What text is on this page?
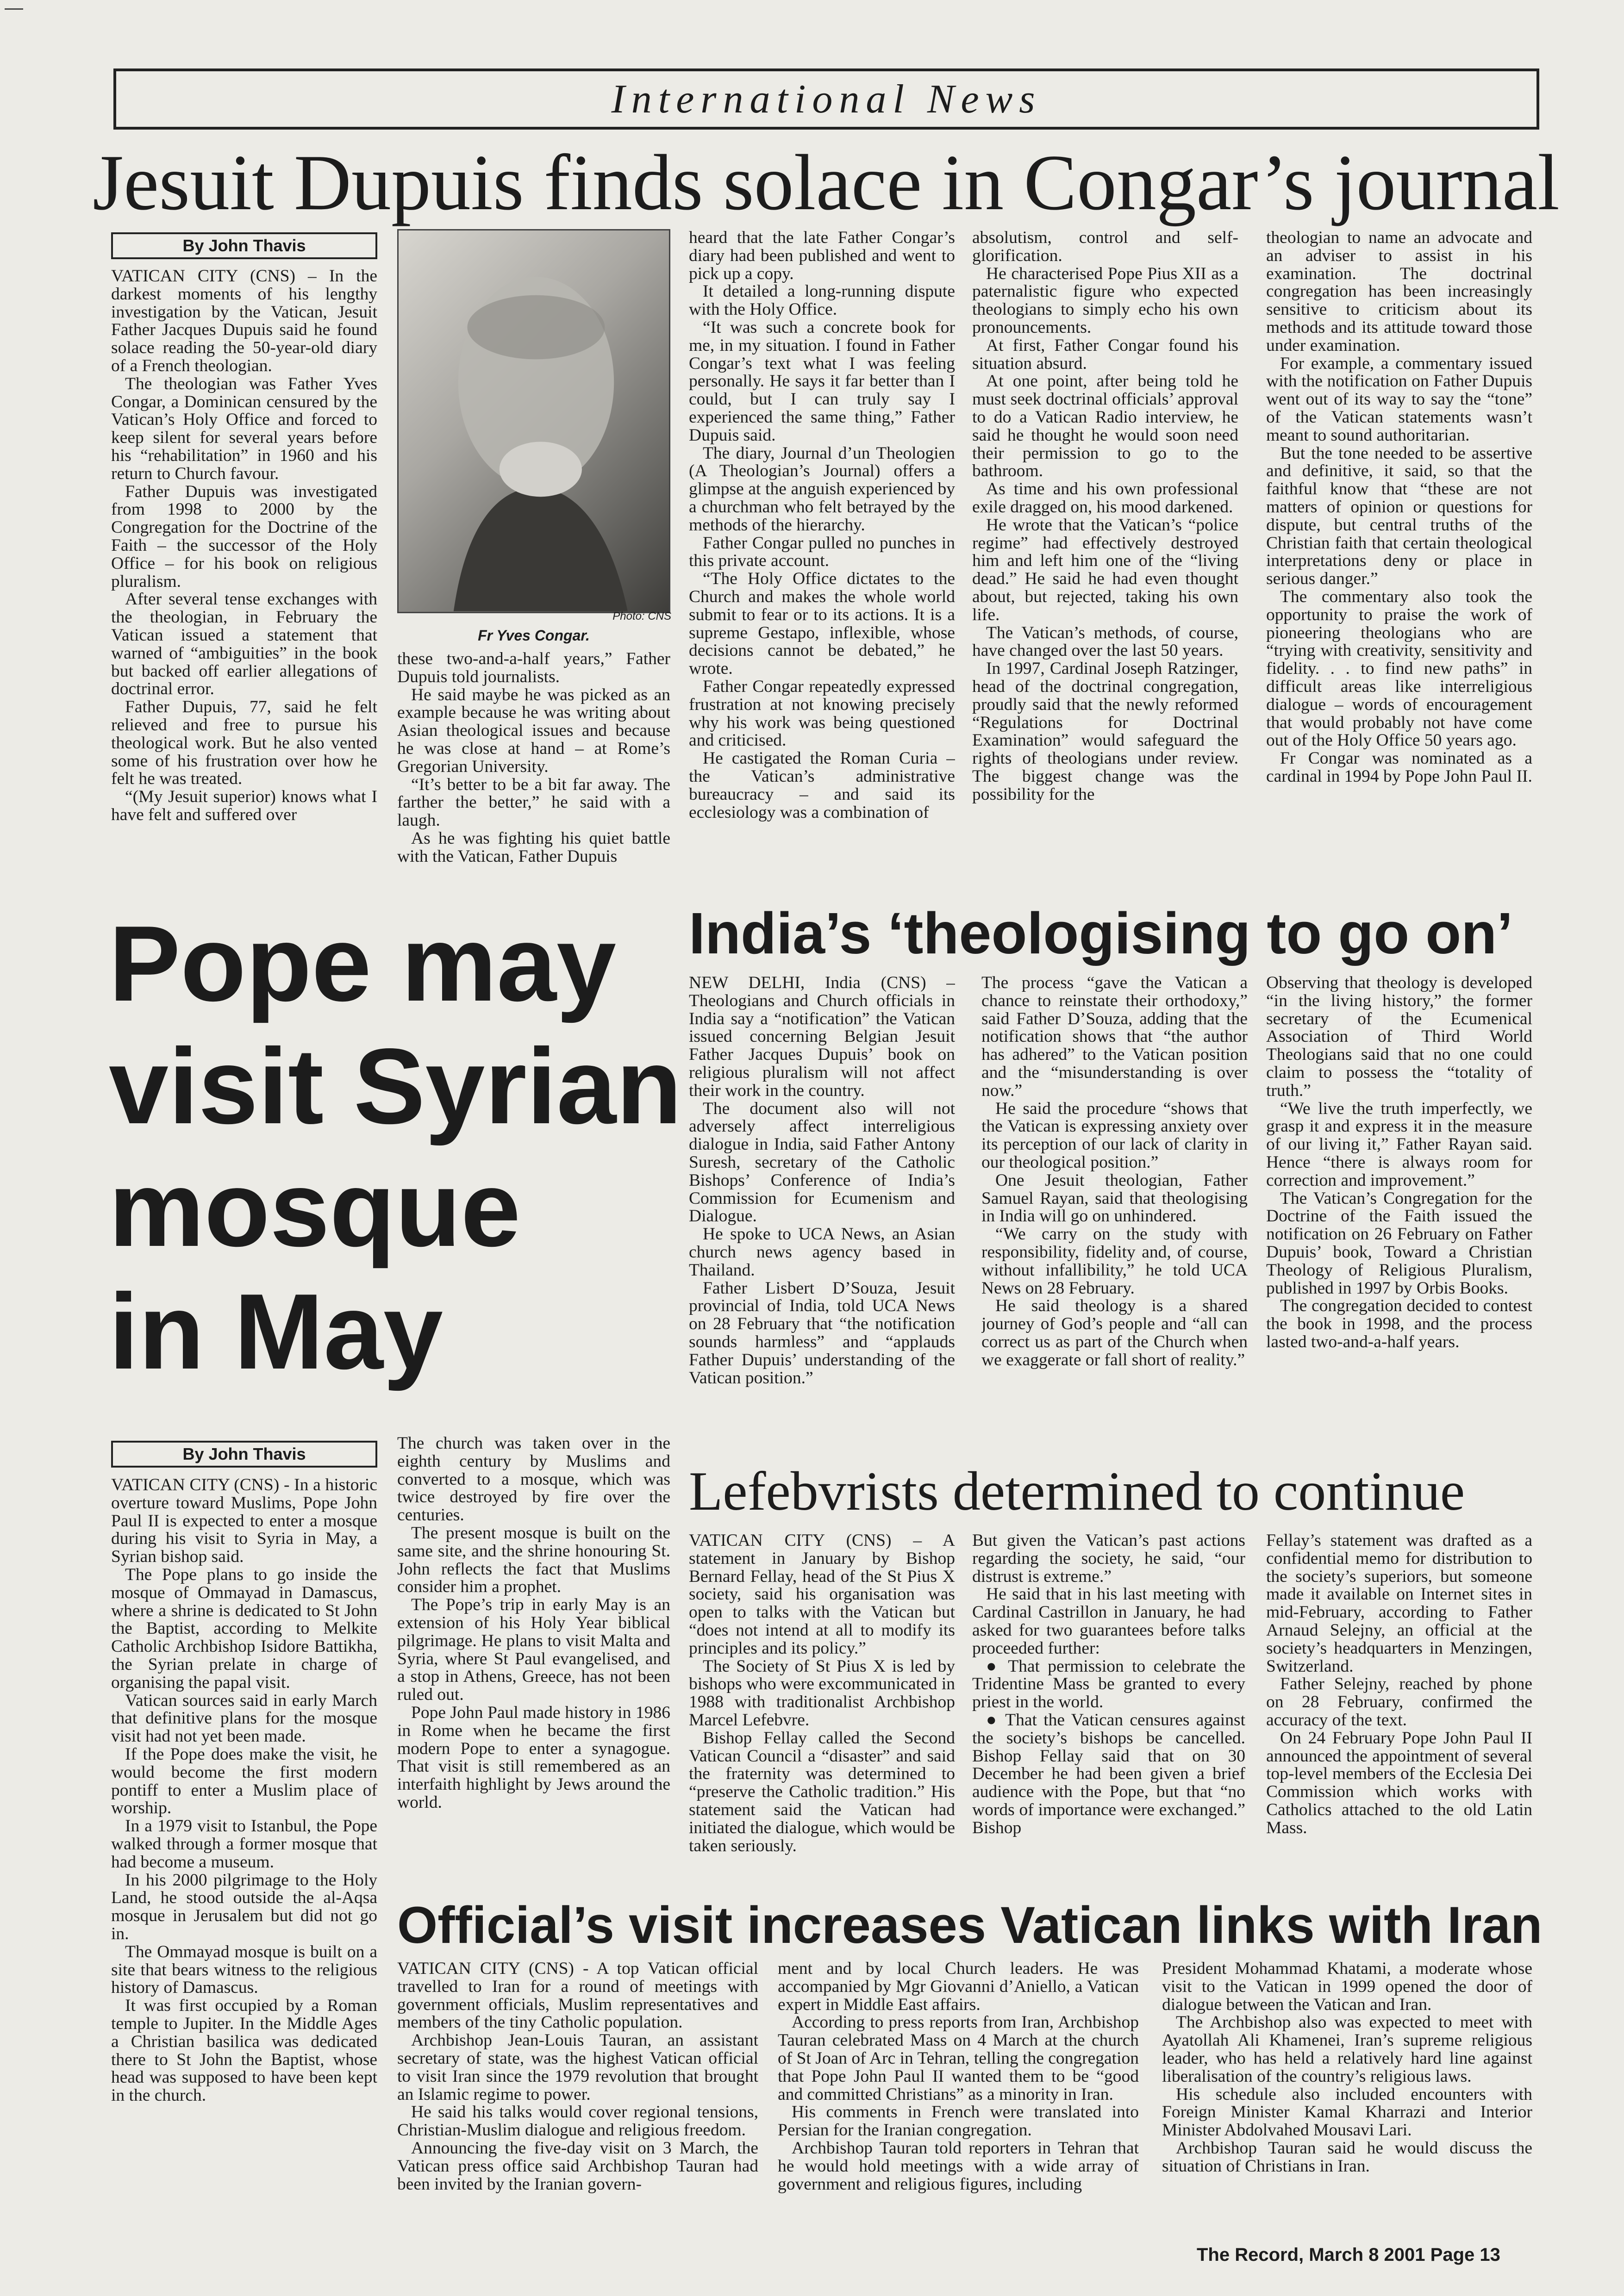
International News
Jesuit Dupuis finds solace in Congar’s journal
By John Thavis

VATICAN CITY (CNS) – In the darkest moments of his lengthy investigation by the Vatican, Jesuit Father Jacques Dupuis said he found solace reading the 50-year-old diary of a French theologian.

The theologian was Father Yves Congar, a Dominican censured by the Vatican’s Holy Office and forced to keep silent for several years before his “rehabilitation” in 1960 and his return to Church favour.

Father Dupuis was investigated from 1998 to 2000 by the Congregation for the Doctrine of the Faith – the successor of the Holy Office – for his book on religious pluralism.

After several tense exchanges with the theologian, in February the Vatican issued a statement that warned of “ambiguities” in the book but backed off earlier allegations of doctrinal error.

Father Dupuis, 77, said he felt relieved and free to pursue his theological work. But he also vented some of his frustration over how he felt he was treated.

“(My Jesuit superior) knows what I have felt and suffered over

Photo: CNS
Fr Yves Congar.

these two-and-a-half years,” Father Dupuis told journalists.

He said maybe he was picked as an example because he was writing about Asian theological issues and because he was close at hand – at Rome’s Gregorian University.

“It’s better to be a bit far away. The farther the better,” he said with a laugh.

As he was fighting his quiet battle with the Vatican, Father Dupuis

heard that the late Father Congar’s diary had been published and went to pick up a copy.

It detailed a long-running dispute with the Holy Office.

“It was such a concrete book for me, in my situation. I found in Father Congar’s text what I was feeling personally. He says it far better than I could, but I can truly say I experienced the same thing,” Father Dupuis said.

The diary, Journal d’un Theologien (A Theologian’s Journal) offers a glimpse at the anguish experienced by a churchman who felt betrayed by the methods of the hierarchy.

Father Congar pulled no punches in this private account.

“The Holy Office dictates to the Church and makes the whole world submit to fear or to its actions. It is a supreme Gestapo, inflexible, whose decisions cannot be debated,” he wrote.

Father Congar repeatedly expressed frustration at not knowing precisely why his work was being questioned and criticised.

He castigated the Roman Curia – the Vatican’s administrative bureaucracy – and said its ecclesiology was a combination of

absolutism, control and self-glorification.

He characterised Pope Pius XII as a paternalistic figure who expected theologians to simply echo his own pronouncements.

At first, Father Congar found his situation absurd.

At one point, after being told he must seek doctrinal officials’ approval to do a Vatican Radio interview, he said he thought he would soon need their permission to go to the bathroom.

As time and his own professional exile dragged on, his mood darkened.

He wrote that the Vatican’s “police regime” had effectively destroyed him and left him one of the “living dead.” He said he had even thought about, but rejected, taking his own life.

The Vatican’s methods, of course, have changed over the last 50 years.

In 1997, Cardinal Joseph Ratzinger, head of the doctrinal congregation, proudly said that the newly reformed “Regulations for Doctrinal Examination” would safeguard the rights of theologians under review. The biggest change was the possibility for the

theologian to name an advocate and an adviser to assist in his examination. The doctrinal congregation has been increasingly sensitive to criticism about its methods and its attitude toward those under examination.

For example, a commentary issued with the notification on Father Dupuis went out of its way to say the “tone” of the Vatican statements wasn’t meant to sound authoritarian.

But the tone needed to be assertive and definitive, it said, so that the faithful know that “these are not matters of opinion or questions for dispute, but central truths of the Christian faith that certain theological interpretations deny or place in serious danger.”

The commentary also took the opportunity to praise the work of pioneering theologians who are “trying with creativity, sensitivity and fidelity. . . to find new paths” in difficult areas like interreligious dialogue – words of encouragement that would probably not have come out of the Holy Office 50 years ago.

Fr Congar was nominated as a cardinal in 1994 by Pope John Paul II.

Pope may
visit Syrian
mosque
in May
India’s ‘theologising to go on’

NEW DELHI, India (CNS) – Theologians and Church officials in India say a “notification” the Vatican issued concerning Belgian Jesuit Father Jacques Dupuis’ book on religious pluralism will not affect their work in the country.

The document also will not adversely affect interreligious dialogue in India, said Father Antony Suresh, secretary of the Catholic Bishops’ Conference of India’s Commission for Ecumenism and Dialogue.

He spoke to UCA News, an Asian church news agency based in Thailand.

Father Lisbert D’Souza, Jesuit provincial of India, told UCA News on 28 February that “the notification sounds harmless” and “applauds Father Dupuis’ understanding of the Vatican position.”

The process “gave the Vatican a chance to reinstate their orthodoxy,” said Father D’Souza, adding that the notification shows that “the author has adhered” to the Vatican position and the “misunderstanding is over now.”

He said the procedure “shows that the Vatican is expressing anxiety over its perception of our lack of clarity in our theological position.”

One Jesuit theologian, Father Samuel Rayan, said that theologising in India will go on unhindered.

“We carry on the study with responsibility, fidelity and, of course, without infallibility,” he told UCA News on 28 February.

He said theology is a shared journey of God’s people and “all can correct us as part of the Church when we exaggerate or fall short of reality.”

Observing that theology is developed “in the living history,” the former secretary of the Ecumenical Association of Third World Theologians said that no one could claim to possess the “totality of truth.”

“We live the truth imperfectly, we grasp it and express it in the measure of our living it,” Father Rayan said. Hence “there is always room for correction and improvement.”

The Vatican’s Congregation for the Doctrine of the Faith issued the notification on 26 February on Father Dupuis’ book, Toward a Christian Theology of Religious Pluralism, published in 1997 by Orbis Books.

The congregation decided to contest the book in 1998, and the process lasted two-and-a-half years.

By John Thavis

VATICAN CITY (CNS) - In a historic overture toward Muslims, Pope John Paul II is expected to enter a mosque during his visit to Syria in May, a Syrian bishop said.

The Pope plans to go inside the mosque of Ommayad in Damascus, where a shrine is dedicated to St John the Baptist, according to Melkite Catholic Archbishop Isidore Battikha, the Syrian prelate in charge of organising the papal visit.

Vatican sources said in early March that definitive plans for the mosque visit had not yet been made.

If the Pope does make the visit, he would become the first modern pontiff to enter a Muslim place of worship.

In a 1979 visit to Istanbul, the Pope walked through a former mosque that had become a museum.

In his 2000 pilgrimage to the Holy Land, he stood outside the al-Aqsa mosque in Jerusalem but did not go in.

The Ommayad mosque is built on a site that bears witness to the religious history of Damascus.

It was first occupied by a Roman temple to Jupiter. In the Middle Ages a Christian basilica was dedicated there to St John the Baptist, whose head was supposed to have been kept in the church.

The church was taken over in the eighth century by Muslims and converted to a mosque, which was twice destroyed by fire over the centuries.

The present mosque is built on the same site, and the shrine honouring St. John reflects the fact that Muslims consider him a prophet.

The Pope’s trip in early May is an extension of his Holy Year biblical pilgrimage. He plans to visit Malta and Syria, where St Paul evangelised, and a stop in Athens, Greece, has not been ruled out.

Pope John Paul made history in 1986 in Rome when he became the first modern Pope to enter a synagogue. That visit is still remembered as an interfaith highlight by Jews around the world.

Lefebvrists determined to continue

VATICAN CITY (CNS) – A statement in January by Bishop Bernard Fellay, head of the St Pius X society, said his organisation was open to talks with the Vatican but “does not intend at all to modify its principles and its policy.”

The Society of St Pius X is led by bishops who were excommunicated in 1988 with traditionalist Archbishop Marcel Lefebvre.

Bishop Fellay called the Second Vatican Council a “disaster” and said the fraternity was determined to “preserve the Catholic tradition.” His statement said the Vatican had initiated the dialogue, which would be taken seriously.

But given the Vatican’s past actions regarding the society, he said, “our distrust is extreme.”

He said that in his last meeting with Cardinal Castrillon in January, he had asked for two guarantees before talks proceeded further:

● That permission to celebrate the Tridentine Mass be granted to every priest in the world.

● That the Vatican censures against the society’s bishops be cancelled. Bishop Fellay said that on 30 December he had been given a brief audience with the Pope, but that “no words of importance were exchanged.” Bishop

Fellay’s statement was drafted as a confidential memo for distribution to the society’s superiors, but someone made it available on Internet sites in mid-February, according to Father Arnaud Selejny, an official at the society’s headquarters in Menzingen, Switzerland.

Father Selejny, reached by phone on 28 February, confirmed the accuracy of the text.

On 24 February Pope John Paul II announced the appointment of several top-level members of the Ecclesia Dei Commission which works with Catholics attached to the old Latin Mass.

Official’s visit increases Vatican links with Iran

VATICAN CITY (CNS) - A top Vatican official travelled to Iran for a round of meetings with government officials, Muslim representatives and members of the tiny Catholic population.

Archbishop Jean-Louis Tauran, an assistant secretary of state, was the highest Vatican official to visit Iran since the 1979 revolution that brought an Islamic regime to power.

He said his talks would cover regional tensions, Christian-Muslim dialogue and religious freedom.

Announcing the five-day visit on 3 March, the Vatican press office said Archbishop Tauran had been invited by the Iranian govern-

ment and by local Church leaders. He was accompanied by Mgr Giovanni d’Aniello, a Vatican expert in Middle East affairs.

According to press reports from Iran, Archbishop Tauran celebrated Mass on 4 March at the church of St Joan of Arc in Tehran, telling the congregation that Pope John Paul II wanted them to be “good and committed Christians” as a minority in Iran.

His comments in French were translated into Persian for the Iranian congregation.

Archbishop Tauran told reporters in Tehran that he would hold meetings with a wide array of government and religious figures, including

President Mohammad Khatami, a moderate whose visit to the Vatican in 1999 opened the door of dialogue between the Vatican and Iran.

The Archbishop also was expected to meet with Ayatollah Ali Khamenei, Iran’s supreme religious leader, who has held a relatively hard line against liberalisation of the country’s religious laws.

His schedule also included encounters with Foreign Minister Kamal Kharrazi and Interior Minister Abdolvahed Mousavi Lari.

Archbishop Tauran said he would discuss the situation of Christians in Iran.

The Record, March 8 2001 Page 13
